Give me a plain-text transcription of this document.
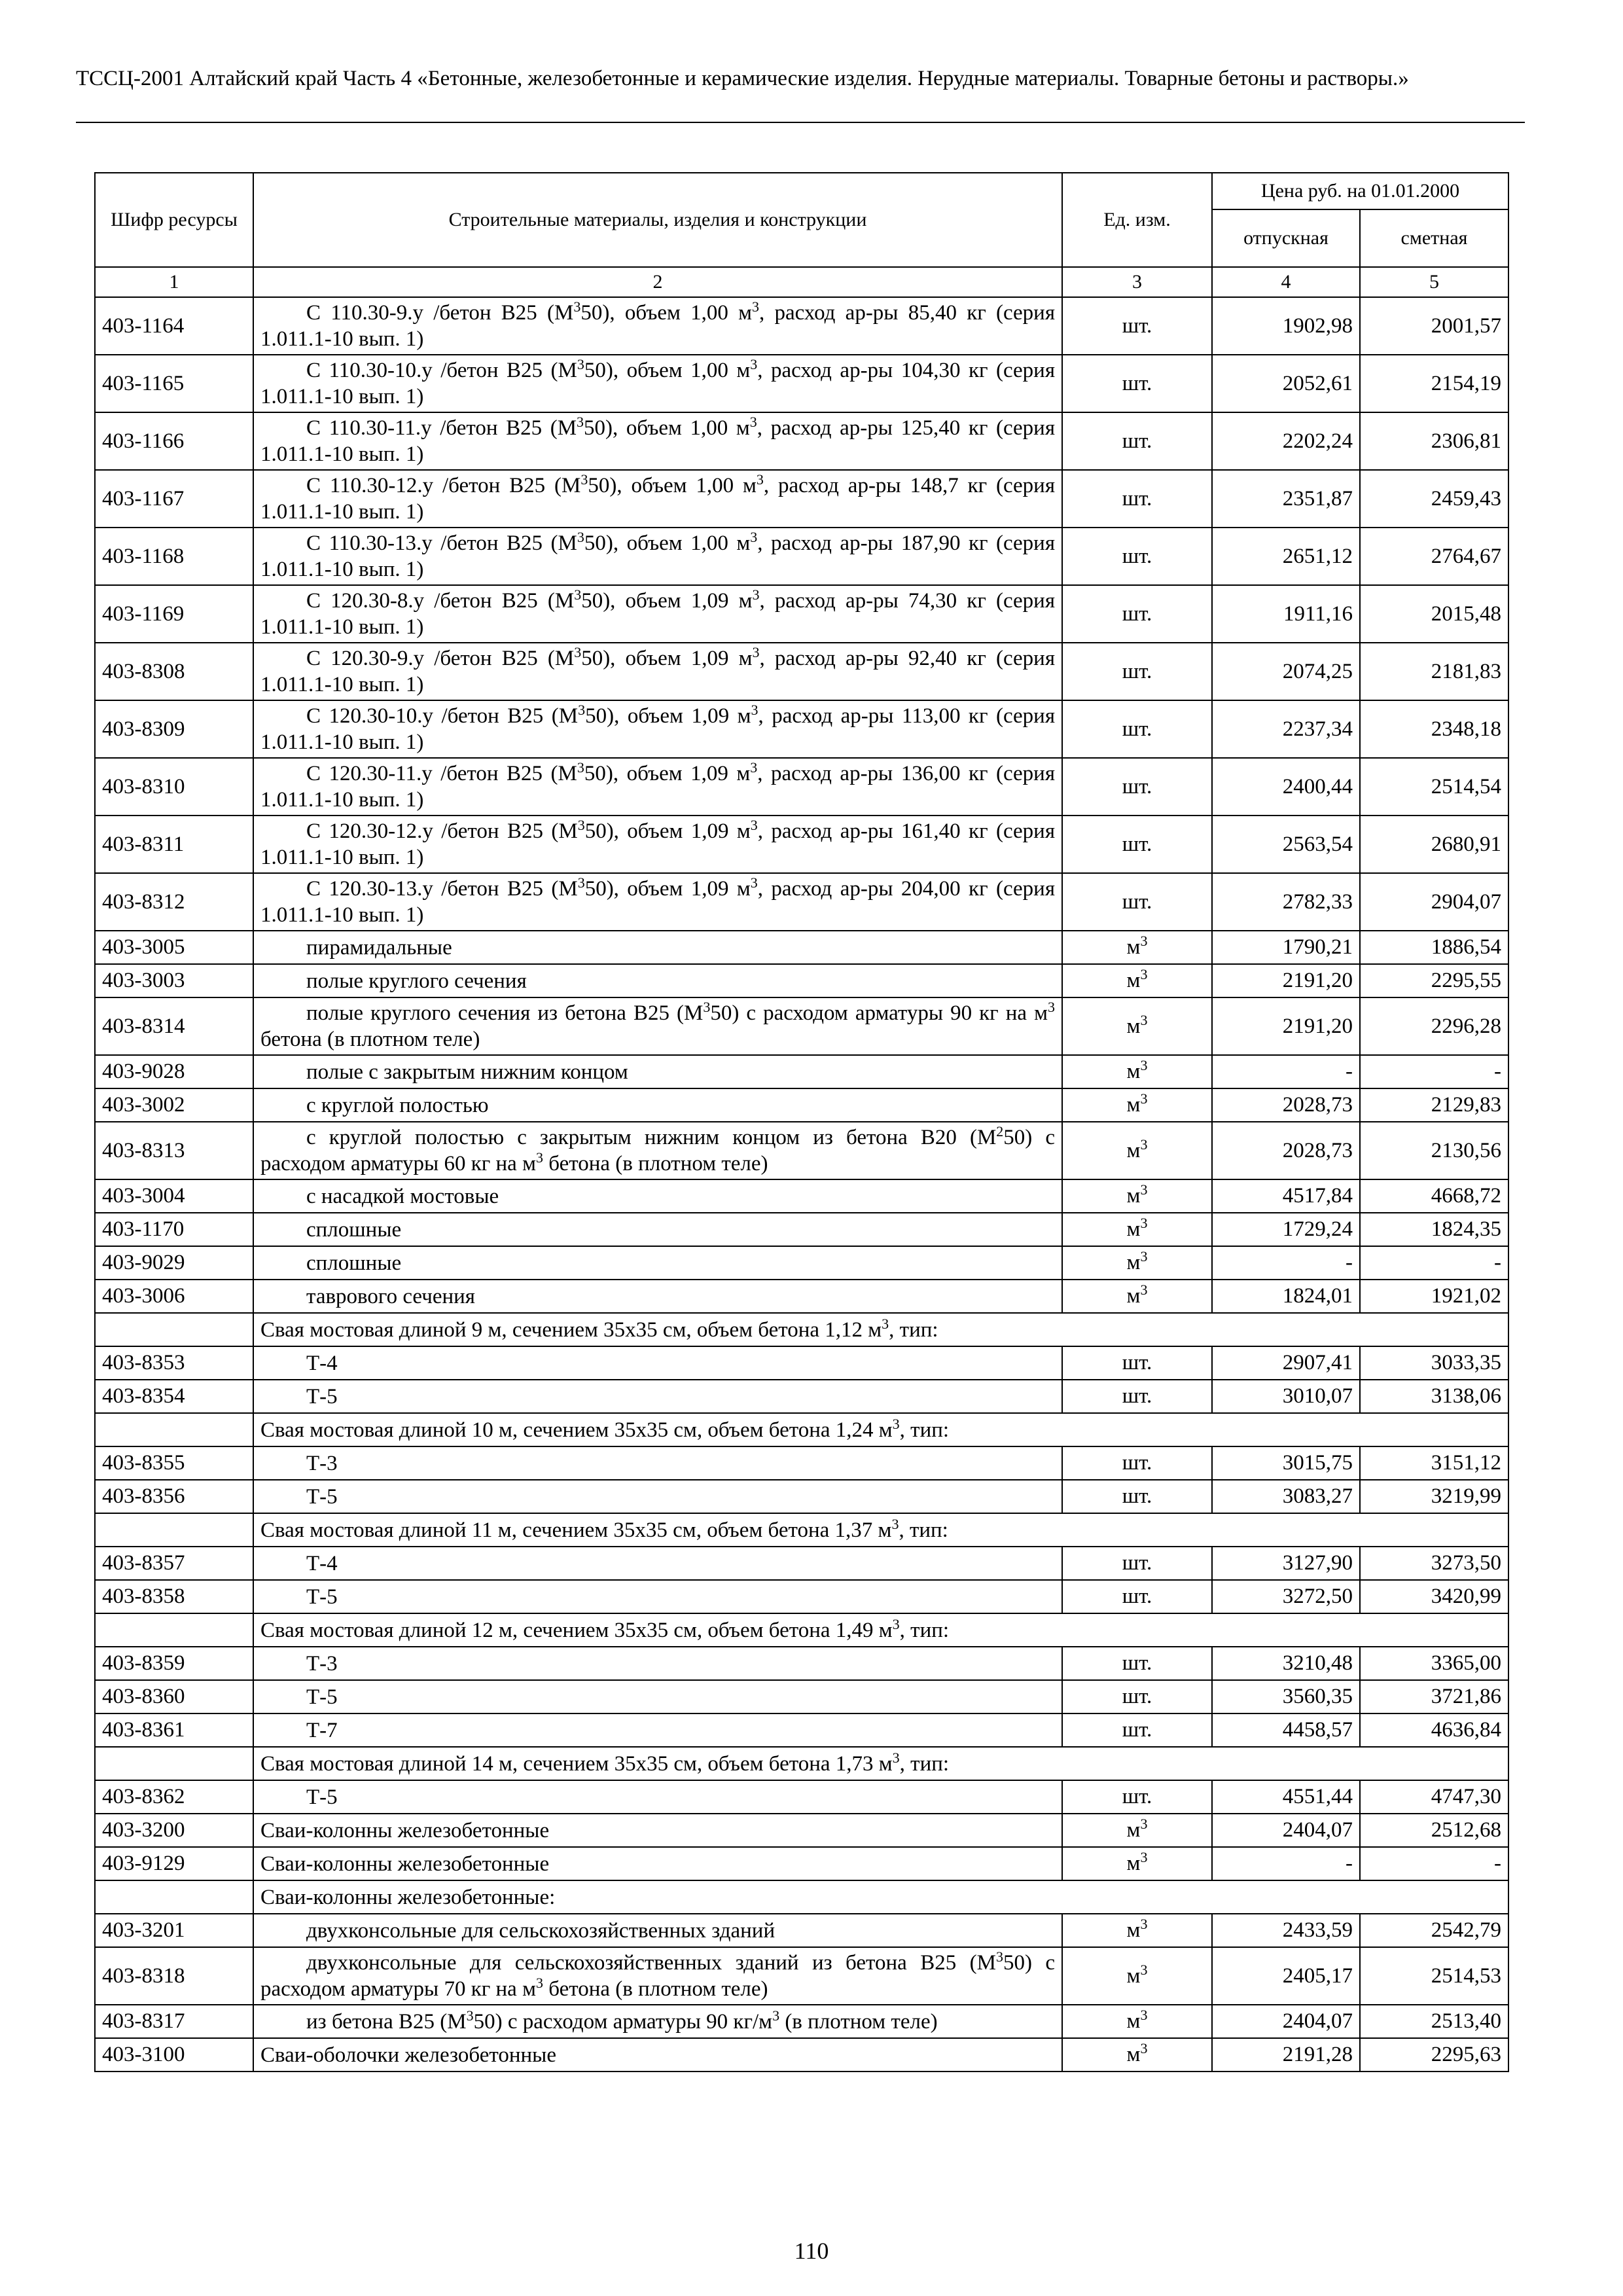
ТССЦ-2001 Алтайский край Часть 4 «Бетонные, железобетонные и керамические изделия. Нерудные материалы. Товарные бетоны и растворы.»
Шифр ресурсы	Строительные материалы, изделия и конструкции	Ед. изм.	Цена руб. на 01.01.2000	
			отпускная	сметная
1	2	3	4	5
403-1164	С 110.30-9.у /бетон В25 $(М^350)$, объем 1,00 $м^3$, расход ар-ры 85,40 кг (серия 1.011.1-10 вып. 1)	шт.	1902,98	2001,57
403-1165	С 110.30-10.у /бетон В25 $(М^350)$, объем 1,00 $м^3$, расход ар-ры 104,30 кг (серия 1.011.1-10 вып. 1)	шт.	2052,61	2154,19
403-1166	С 110.30-11.у /бетон В25 $(М^350)$, объем 1,00 $м^3$, расход ар-ры 125,40 кг (серия 1.011.1-10 вып. 1)	шт.	2202,24	2306,81
403-1167	С 110.30-12.у /бетон В25 $(М^350)$, объем 1,00 $м^3$, расход ар-ры 148,7 кг (серия 1.011.1-10 вып. 1)	шт.	2351,87	2459,43
403-1168	С 110.30-13.у /бетон В25 $(М^350)$, объем 1,00 $м^3$, расход ар-ры 187,90 кг (серия 1.011.1-10 вып. 1)	шт.	2651,12	2764,67
403-1169	С 120.30-8.у /бетон В25 $(М^350)$, объем 1,09 $м^3$, расход ар-ры 74,30 кг (серия 1.011.1-10 вып. 1)	шт.	1911,16	2015,48
403-8308	С 120.30-9.у /бетон В25 $(М^350)$, объем 1,09 $м^3$, расход ар-ры 92,40 кг (серия 1.011.1-10 вып. 1)	шт.	2074,25	2181,83
403-8309	С 120.30-10.у /бетон В25 $(М^350)$, объем 1,09 $м^3$, расход ар-ры 113,00 кг (серия 1.011.1-10 вып. 1)	шт.	2237,34	2348,18
403-8310	С 120.30-11.у /бетон В25 $(М^350)$, объем 1,09 $м^3$, расход ар-ры 136,00 кг (серия 1.011.1-10 вып. 1)	шт.	2400,44	2514,54
403-8311	С 120.30-12.у /бетон В25 $(М^350)$, объем 1,09 $м^3$, расход ар-ры 161,40 кг (серия 1.011.1-10 вып. 1)	шт.	2563,54	2680,91
403-8312	С 120.30-13.у /бетон В25 $(М^350)$, объем 1,09 $м^3$, расход ар-ры 204,00 кг (серия 1.011.1-10 вып. 1)	шт.	2782,33	2904,07
403-3005	пирамидальные	$м^3$	1790,21	1886,54
403-3003	полые круглого сечения	$м^3$	2191,20	2295,55
403-8314	полые круглого сечения из бетона В25 $(М^350)$ с расходом арматуры 90 кг на $м^3$ бетона (в плотном теле)	$м^3$	2191,20	2296,28
403-9028	полые с закрытым нижним концом	$м^3$	-	-
403-3002	с круглой полостью	$м^3$	2028,73	2129,83
403-8313	с круглой полостью с закрытым нижним концом из бетона В20 $(М^250)$ с расходом арматуры 60 кг на $м^3$ бетона (в плотном теле)	$м^3$	2028,73	2130,56
403-3004	с насадкой мостовые	$м^3$	4517,84	4668,72
403-1170	сплошные	$м^3$	1729,24	1824,35
403-9029	сплошные	$м^3$	-	-
403-3006	таврового сечения	$м^3$	1824,01	1921,02
	Свая мостовая длиной 9 м, сечением 35х35 см, объем бетона 1,12 $м^3$, тип:			
403-8353	Т-4	шт.	2907,41	3033,35
403-8354	Т-5	шт.	3010,07	3138,06
	Свая мостовая длиной 10 м, сечением 35х35 см, объем бетона 1,24 $м^3$, тип:			
403-8355	Т-3	шт.	3015,75	3151,12
403-8356	Т-5	шт.	3083,27	3219,99
	Свая мостовая длиной 11 м, сечением 35х35 см, объем бетона 1,37 $м^3$, тип:			
403-8357	Т-4	шт.	3127,90	3273,50
403-8358	Т-5	шт.	3272,50	3420,99
	Свая мостовая длиной 12 м, сечением 35х35 см, объем бетона 1,49 $м^3$, тип:			
403-8359	Т-3	шт.	3210,48	3365,00
403-8360	Т-5	шт.	3560,35	3721,86
403-8361	Т-7	шт.	4458,57	4636,84
	Свая мостовая длиной 14 м, сечением 35х35 см, объем бетона 1,73 $м^3$, тип:			
403-8362	Т-5	шт.	4551,44	4747,30
403-3200	Сваи-колонны железобетонные	$м^3$	2404,07	2512,68
403-9129	Сваи-колонны железобетонные	$м^3$	-	-
	Сваи-колонны железобетонные:			
403-3201	двухконсольные для сельскохозяйственных зданий	$м^3$	2433,59	2542,79
403-8318	двухконсольные для сельскохозяйственных зданий из бетона В25 $(М^350)$ с расходом арматуры 70 кг на $м^3$ бетона (в плотном теле)	$м^3$	2405,17	2514,53
403-8317	из бетона В25 $(М^350)$ с расходом арматуры 90 $кг/м^3$ (в плотном теле)	$м^3$	2404,07	2513,40
403-3100	Сваи-оболочки железобетонные	$м^3$	2191,28	2295,63
110
